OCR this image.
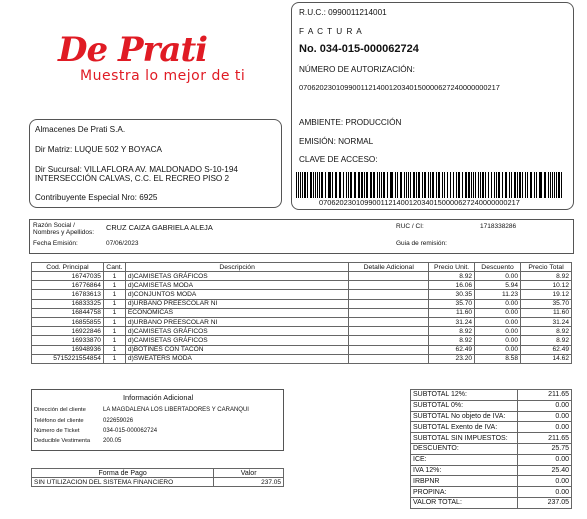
De Prati
Muestra lo mejor de ti
R.U.C.: 0990011214001
F A C T U R A
No. 034-015-000062724
NÚMERO DE AUTORIZACIÓN:
0706202301099001121400120340150000627240000000217
AMBIENTE: PRODUCCIÓN
EMISIÓN: NORMAL
CLAVE DE ACCESO:
0706202301099001121400120340150000627240000000217
Almacenes De Prati S.A.
Dir Matriz: LUQUE 502 Y BOYACA
Dir Sucursal: VILLAFLORA AV. MALDONADO S-10-194
INTERSECCIÓN CALVAS, C.C. EL RECREO PISO 2
Contribuyente Especial Nro: 6925
Razón Social /
Nombres y Apellidos:
CRUZ CAIZA GABRIELA ALEJA	RUC / CI:	1718338286
Fecha Emisión:	07/06/2023	Guia de remisión:
Cod. Principal	Cant.	Descripción	Detalle Adicional	Precio Unit.	Descuento	Precio Total
16747035	1	d)CAMISETAS GRÁFICOS		8.92	0.00	8.92
16776864	1	d)CAMISETAS MODA		16.06	5.94	10.12
16783613	1	d)CONJUNTOS MODA		30.35	11.23	19.12
16833325	1	d)URBANO PREESCOLAR NI		35.70	0.00	35.70
16844758	1	ECONÓMICAS		11.60	0.00	11.60
16855855	1	d)URBANO PREESCOLAR NI		31.24	0.00	31.24
16922846	1	d)CAMISETAS GRÁFICOS		8.92	0.00	8.92
16933870	1	d)CAMISETAS GRÁFICOS		8.92	0.00	8.92
16948936	1	d)BOTINES CON TACÓN		62.49	0.00	62.49
5715221554854	1	d)SWEATERS MODA		23.20	8.58	14.62
Información Adicional
Dirección del cliente	LA MAGDALENA LOS LIBERTADORES Y CARANQUI
Teléfono del cliente	022659026
Número de Ticket	034-015-000062724
Deducible Vestimenta 200.05
SUBTOTAL 12%:	211.65
SUBTOTAL 0%:	0.00
SUBTOTAL No objeto de IVA:	0.00
SUBTOTAL Exento de IVA:	0.00
SUBTOTAL SIN IMPUESTOS:	211.65
DESCUENTO:	25.75
ICE:	0.00
IVA 12%:	25.40
IRBPNR	0.00
PROPINA:	0.00
VALOR TOTAL:	237.05
Forma de Pago	Valor
SIN UTILIZACION DEL SISTEMA FINANCIERO	237.05
